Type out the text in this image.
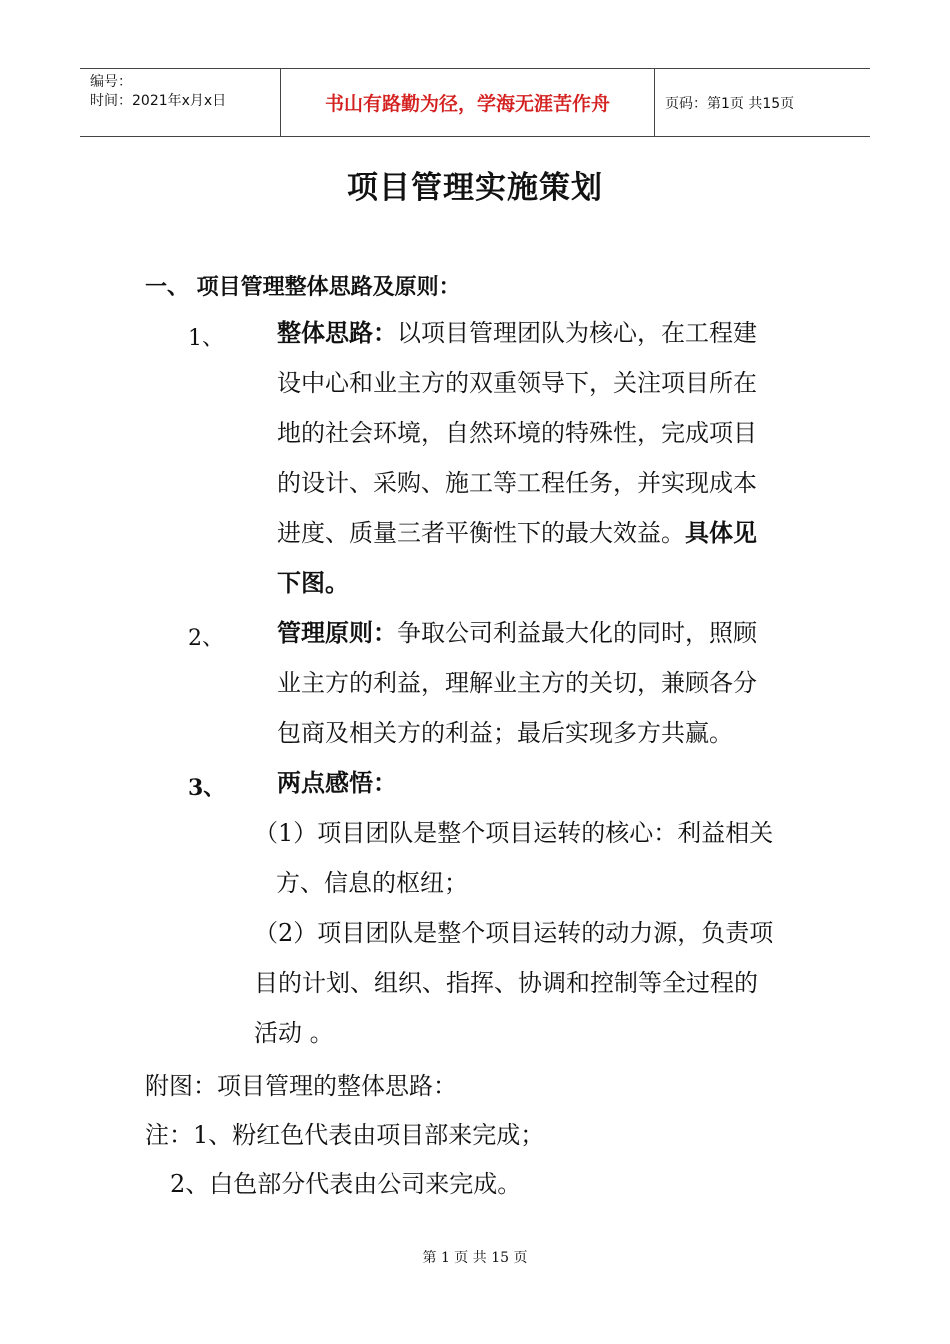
编号：
时间：2021年x月x日	书山有路勤为径，学海无涯苦作舟	页码：第1页 共15页
项目管理实施策划
一、 项目管理整体思路及原则：
1、 整体思路：以项目管理团队为核心，在工程建
设中心和业主方的双重领导下，关注项目所在
地的社会环境，自然环境的特殊性，完成项目
的设计、采购、施工等工程任务，并实现成本
进度、质量三者平衡性下的最大效益。具体见
下图。
2、 管理原则：争取公司利益最大化的同时，照顾
业主方的利益，理解业主方的关切，兼顾各分
包商及相关方的利益；最后实现多方共赢。
3、 两点感悟：
（1）项目团队是整个项目运转的核心：利益相关
方、信息的枢纽；
（2）项目团队是整个项目运转的动力源，负责项
目的计划、组织、指挥、协调和控制等全过程的
活动 。
附图：项目管理的整体思路：
注：1、粉红色代表由项目部来完成；
2、白色部分代表由公司来完成。
第 1 页 共 15 页
